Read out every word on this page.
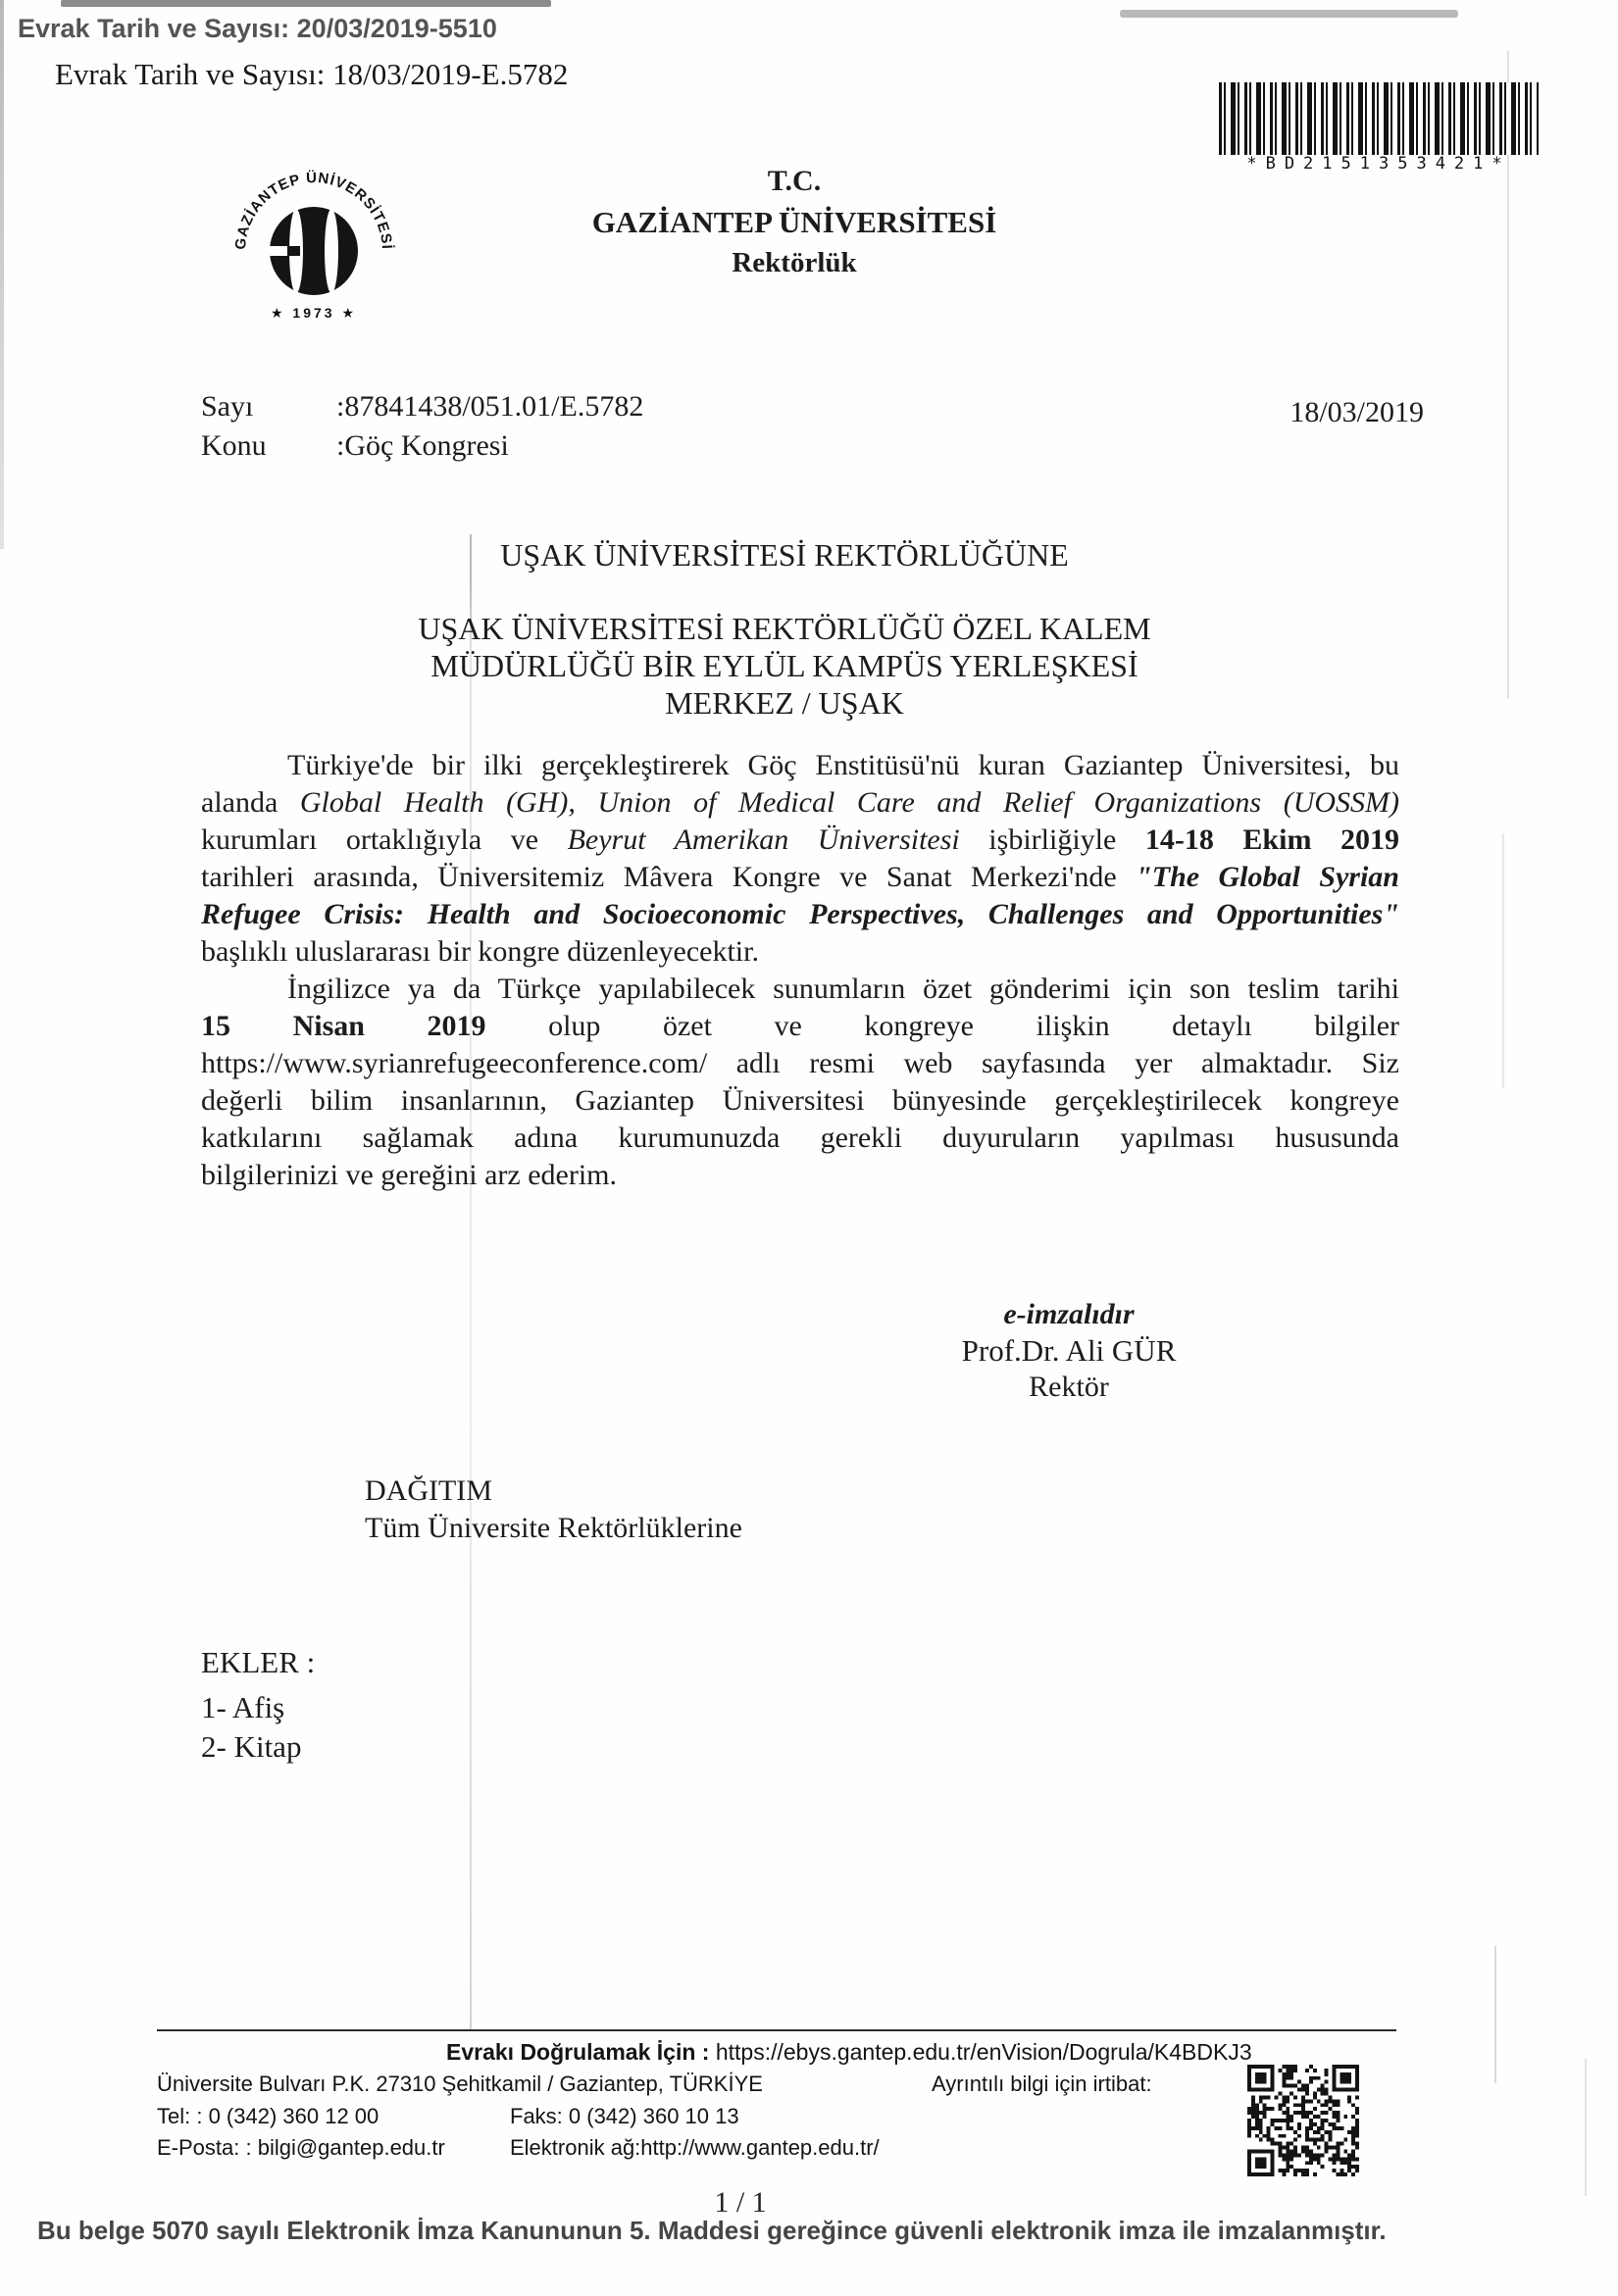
Evrak Tarih ve Sayısı: 20/03/2019-5510
Evrak Tarih ve Sayısı: 18/03/2019-E.5782
*BD2151353421*
GAZİANTEP ÜNİVERSİTESİ
★ 1973 ★
T.C.
GAZİANTEP ÜNİVERSİTESİ
Rektörlük
Sayı	:87841438/051.01/E.5782
Konu :Göç Kongresi
18/03/2019
UŞAK ÜNİVERSİTESİ REKTÖRLÜĞÜNE
UŞAK ÜNİVERSİTESİ REKTÖRLÜĞÜ ÖZEL KALEM
MÜDÜRLÜĞÜ BİR EYLÜL KAMPÜS YERLEŞKESİ
MERKEZ / UŞAK
Türkiye'de bir ilki gerçekleştirerek Göç Enstitüsü'nü kuran Gaziantep Üniversitesi, bu
alanda Global Health (GH), Union of Medical Care and Relief Organizations (UOSSM)
kurumları ortaklığıyla ve Beyrut Amerikan Üniversitesi işbirliğiyle 14-18 Ekim 2019
tarihleri arasında, Üniversitemiz Mâvera Kongre ve Sanat Merkezi'nde "The Global Syrian
Refugee Crisis: Health and Socioeconomic Perspectives, Challenges and Opportunities"
başlıklı uluslararası bir kongre düzenleyecektir.
İngilizce ya da Türkçe yapılabilecek sunumların özet gönderimi için son teslim tarihi
15 Nisan 2019 olup özet ve kongreye ilişkin detaylı bilgiler
https://www.syrianrefugeeconference.com/ adlı resmi web sayfasında yer almaktadır. Siz
değerli bilim insanlarının, Gaziantep Üniversitesi bünyesinde gerçekleştirilecek kongreye
katkılarını sağlamak adına kurumunuzda gerekli duyuruların yapılması hususunda
bilgilerinizi ve gereğini arz ederim.
e-imzalıdır
Prof.Dr. Ali GÜR
Rektör
DAĞITIM
Tüm Üniversite Rektörlüklerine
EKLER :
1- Afiş
2- Kitap
Evrakı Doğrulamak İçin : https://ebys.gantep.edu.tr/enVision/Dogrula/K4BDKJ3
Üniversite Bulvarı P.K. 27310 Şehitkamil / Gaziantep, TÜRKİYE	Ayrıntılı bilgi için irtibat:
Tel: : 0 (342) 360 12 00	Faks: 0 (342) 360 10 13
E-Posta: : bilgi@gantep.edu.tr	Elektronik ağ:http://www.gantep.edu.tr/
1 / 1
Bu belge 5070 sayılı Elektronik İmza Kanununun 5. Maddesi gereğince güvenli elektronik imza ile imzalanmıştır.
